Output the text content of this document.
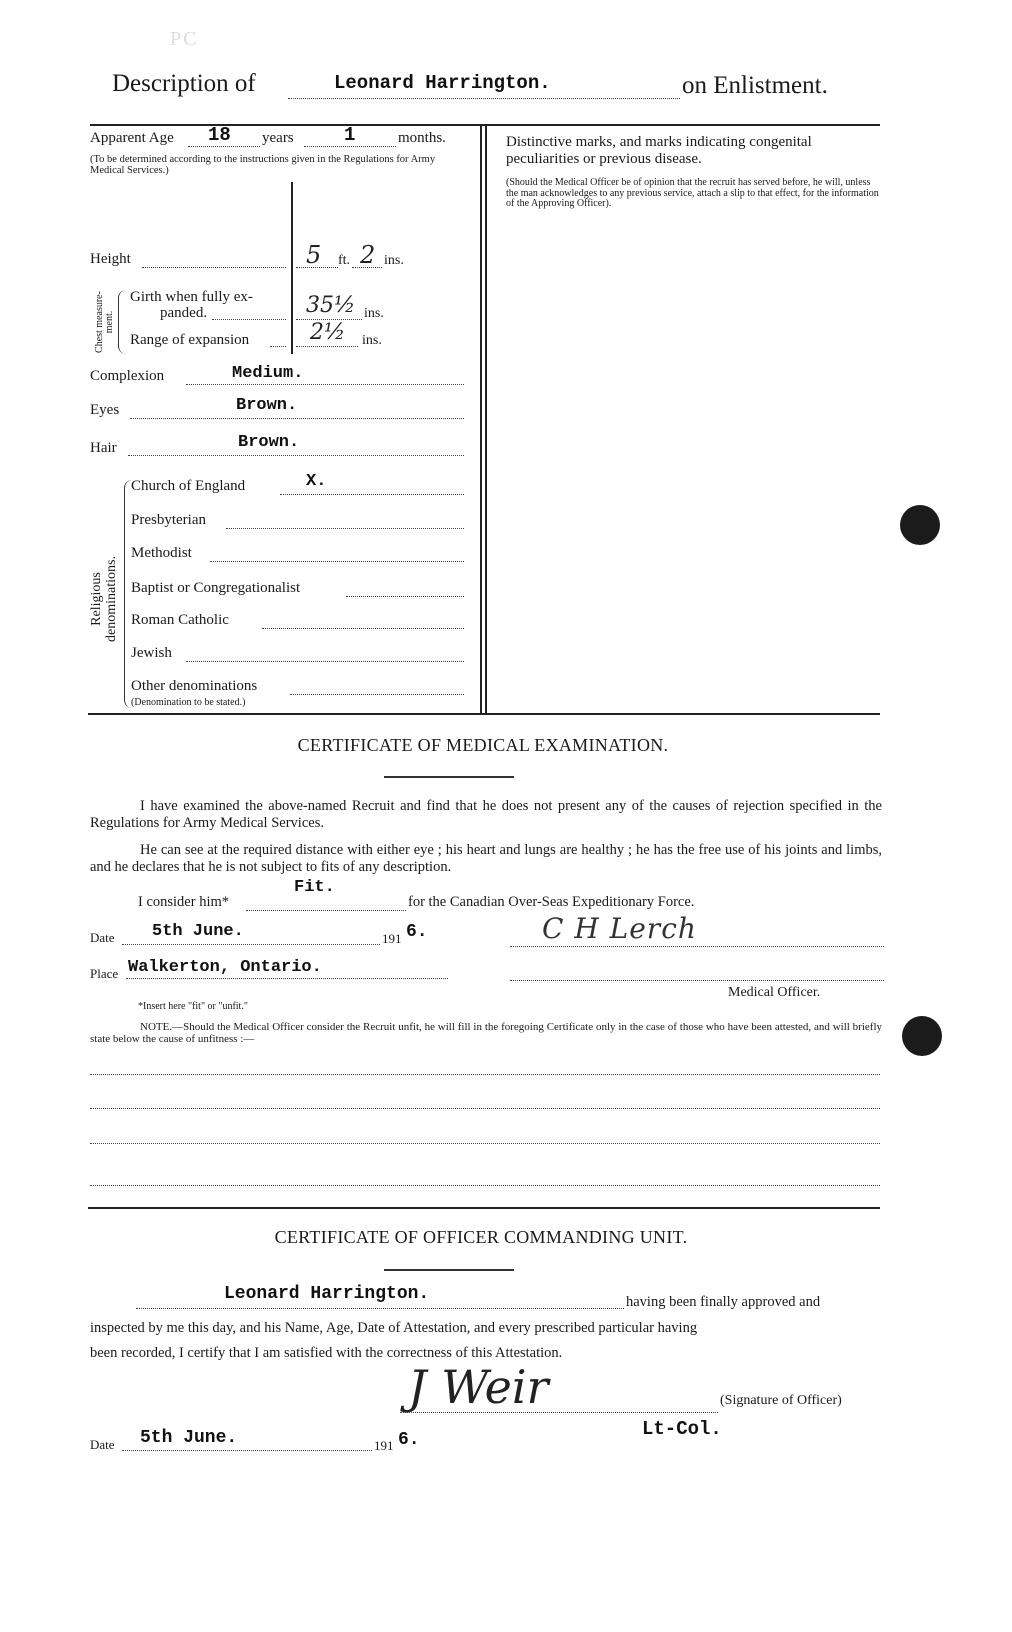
PC
Description of	Leonard Harrington.	on Enlistment.
Apparent Age 18 years	1	months.
(To be determined according to the instructions given in the Regulations for Army Medical Services.)
Height	5 ft. 2 ins.
Chest measure-ment.
Girth when fully ex-
panded.	35½ ins.
Range of expansion	2½ ins.
Complexion	Medium.
Eyes	Brown.
Hair	Brown.
Religious denominations.
Church of England	X.
Presbyterian
Methodist
Baptist or Congregationalist
Roman Catholic
Jewish
Other denominations
(Denomination to be stated.)
Distinctive marks, and marks indicating congenital peculiarities or previous disease.
(Should the Medical Officer be of opinion that the recruit has served before, he will, unless the man acknowledges to any previous service, attach a slip to that effect, for the information of the Approving Officer).
CERTIFICATE OF MEDICAL EXAMINATION.
I have examined the above-named Recruit and find that he does not present any of the causes of rejection specified in the Regulations for Army Medical Services.
He can see at the required distance with either eye ; his heart and lungs are healthy ; he has the free use of his joints and limbs, and he declares that he is not subject to fits of any description.
I consider him*
Fit.
for the Canadian Over-Seas Expeditionary Force.
Date 5th June.	191 6.	C H Lerch
Place Walkerton, Ontario.
Medical Officer.
*Insert here "fit" or "unfit."
NOTE.—Should the Medical Officer consider the Recruit unfit, he will fill in the foregoing Certificate only in the case of those who have been attested, and will briefly state below the cause of unfitness :—
CERTIFICATE OF OFFICER COMMANDING UNIT.
Leonard Harrington.	having been finally approved and
inspected by me this day, and his Name, Age, Date of Attestation, and every prescribed particular having
been recorded, I certify that I am satisfied with the correctness of this Attestation.
J Weir	(Signature of Officer)
Lt-Col.
Date 5th June.	191 6.
